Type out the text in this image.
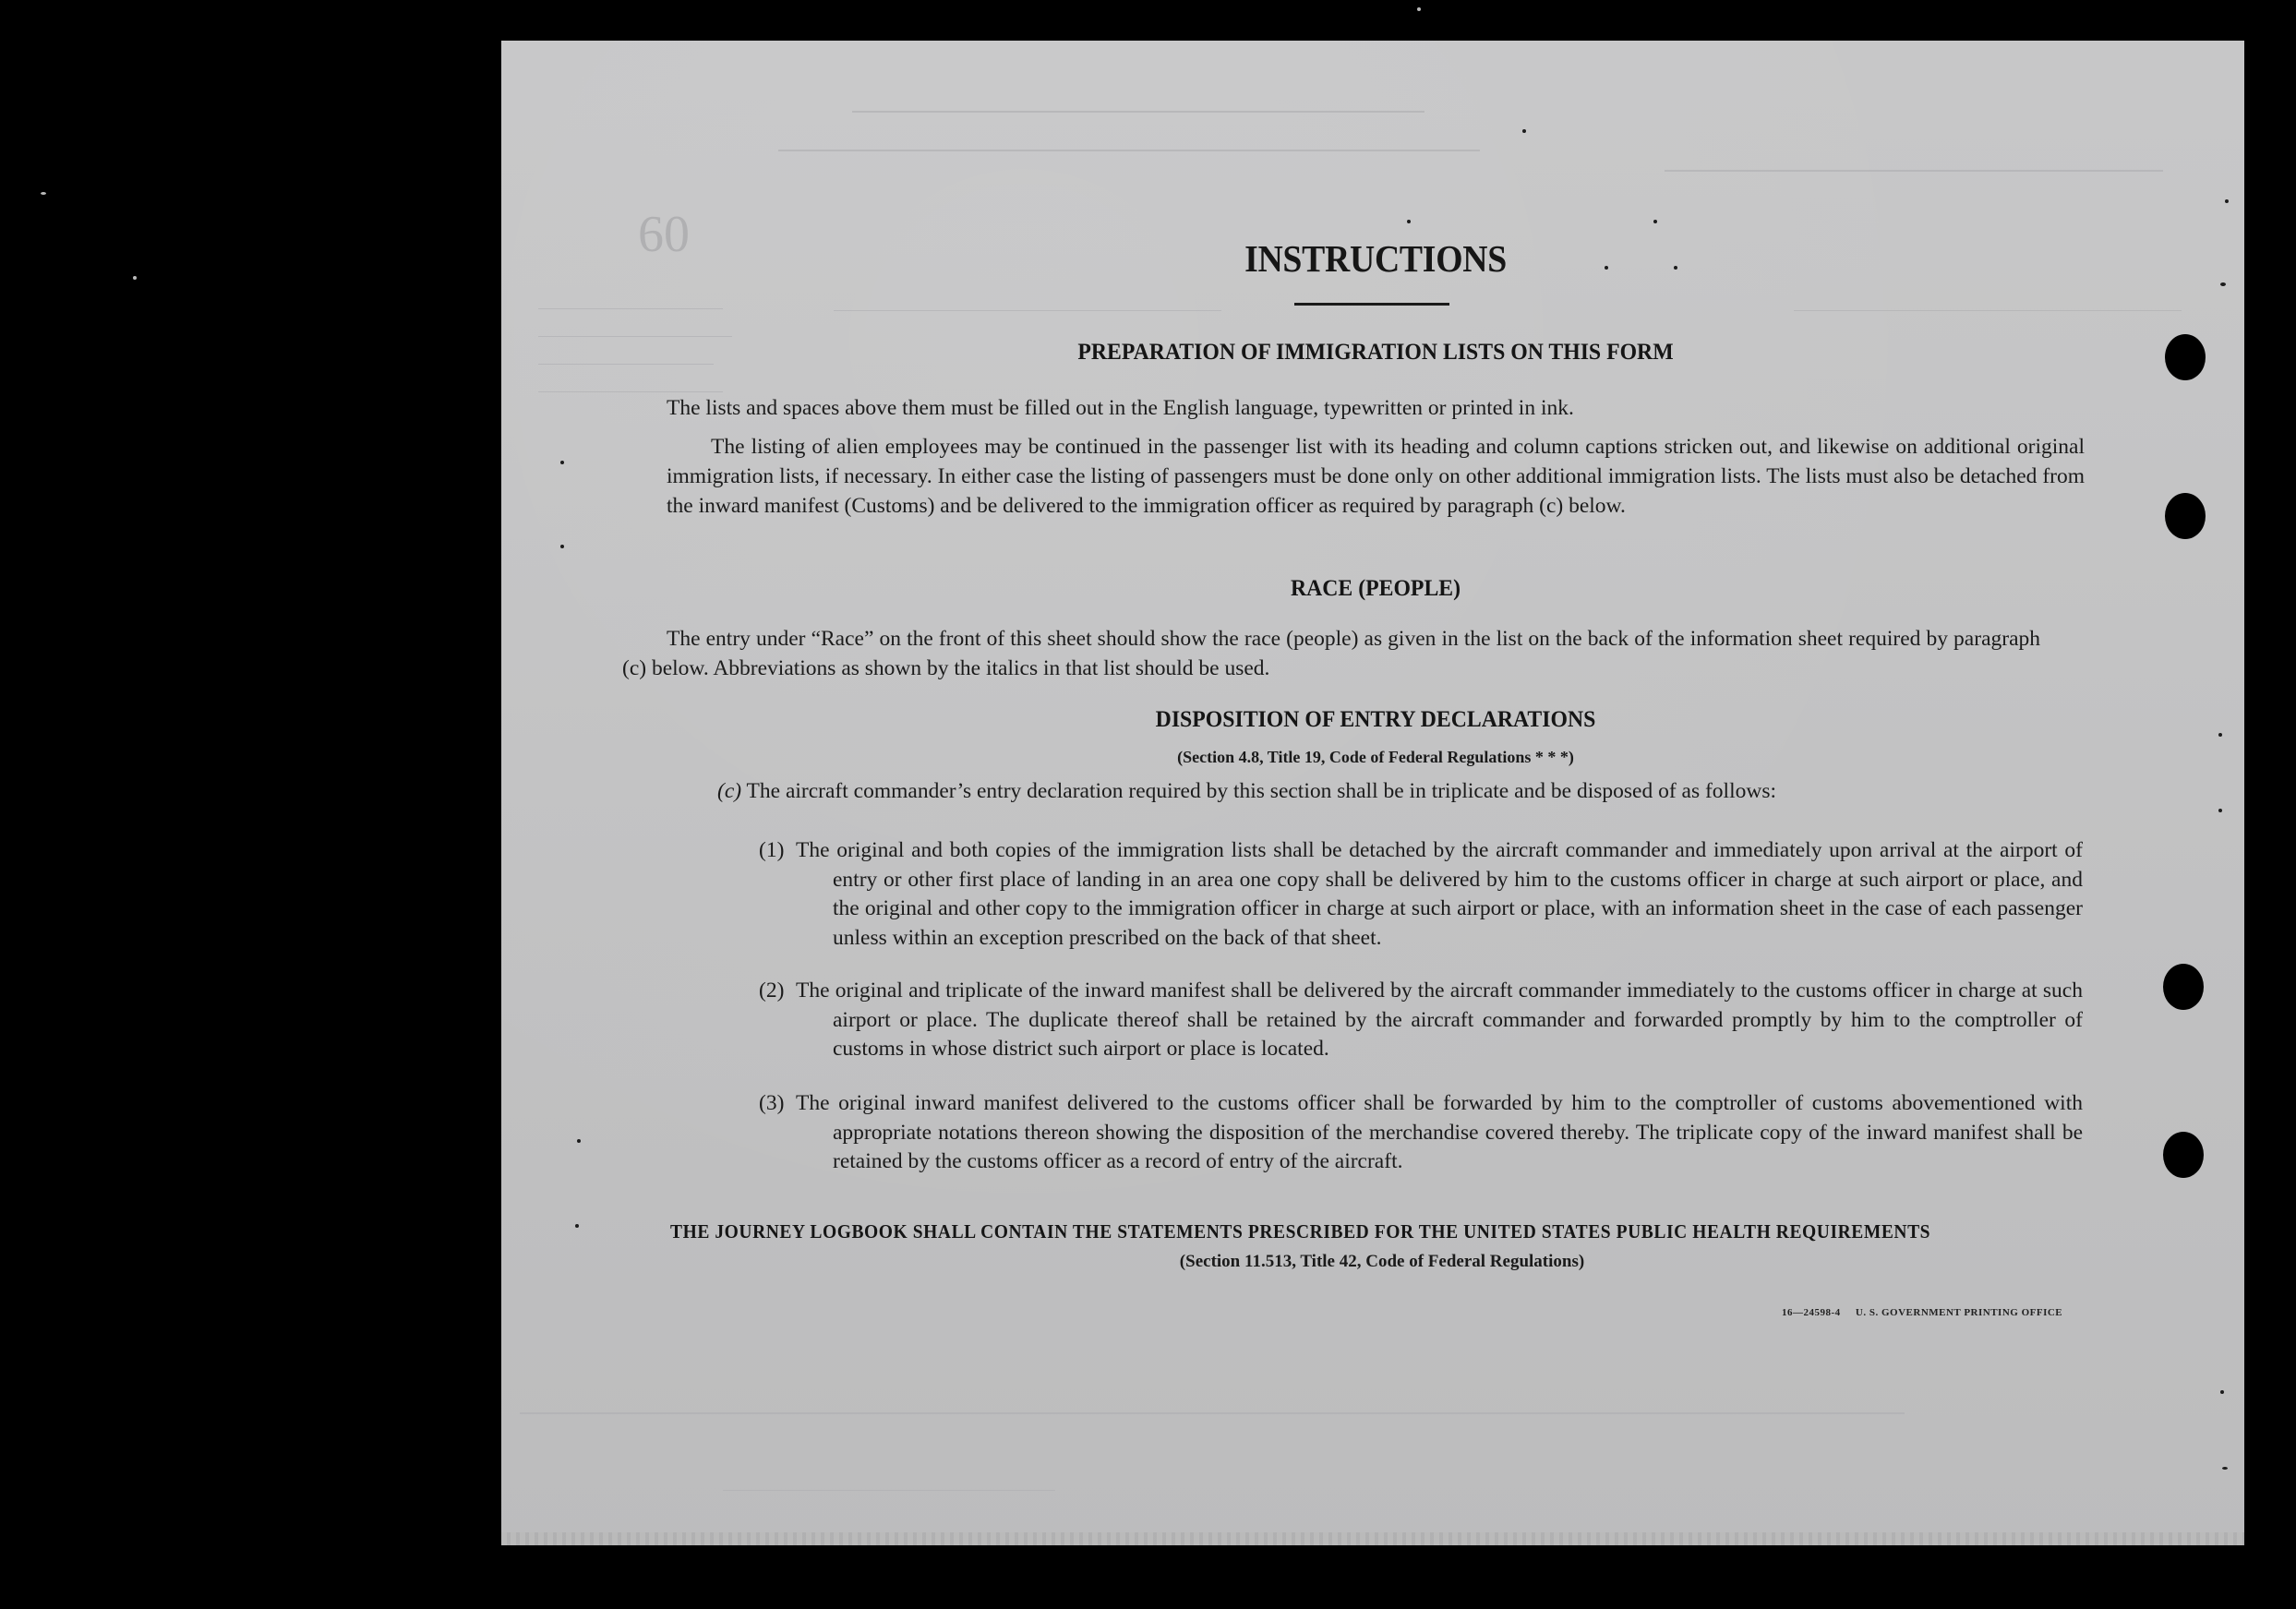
60	INSTRUCTIONS
PREPARATION OF IMMIGRATION LISTS ON THIS FORM
The lists and spaces above them must be filled out in the English language, typewritten or printed in ink.
The listing of alien employees may be continued in the passenger list with its heading and column captions stricken out, and likewise on additional original immigration lists, if necessary. In either case the listing of passengers must be done only on other additional immigration lists. The lists must also be detached from the inward manifest (Customs) and be delivered to the immigration officer as required by paragraph (c) below.
RACE (PEOPLE)
The entry under “Race” on the front of this sheet should show the race (people) as given in the list on the back of the information sheet required by paragraph (c) below. Abbreviations as shown by the italics in that list should be used.
DISPOSITION OF ENTRY DECLARATIONS
(Section 4.8, Title 19, Code of Federal Regulations * * *)
(c) The aircraft commander’s entry declaration required by this section shall be in triplicate and be disposed of as follows:
(1) The original and both copies of the immigration lists shall be detached by the aircraft commander and immediately upon arrival at the airport of entry or other first place of landing in an area one copy shall be delivered by him to the customs officer in charge at such airport or place, and the original and other copy to the immigration officer in charge at such airport or place, with an information sheet in the case of each passenger unless within an exception prescribed on the back of that sheet.
(2) The original and triplicate of the inward manifest shall be delivered by the aircraft commander immediately to the customs officer in charge at such airport or place. The duplicate thereof shall be retained by the aircraft commander and forwarded promptly by him to the comptroller of customs in whose district such airport or place is located.
(3) The original inward manifest delivered to the customs officer shall be forwarded by him to the comptroller of customs abovementioned with appropriate notations thereon showing the disposition of the merchandise covered thereby. The triplicate copy of the inward manifest shall be retained by the customs officer as a record of entry of the aircraft.
THE JOURNEY LOGBOOK SHALL CONTAIN THE STATEMENTS PRESCRIBED FOR THE UNITED STATES PUBLIC HEALTH REQUIREMENTS
(Section 11.513, Title 42, Code of Federal Regulations)
16—24598-4 U. S. GOVERNMENT PRINTING OFFICE
